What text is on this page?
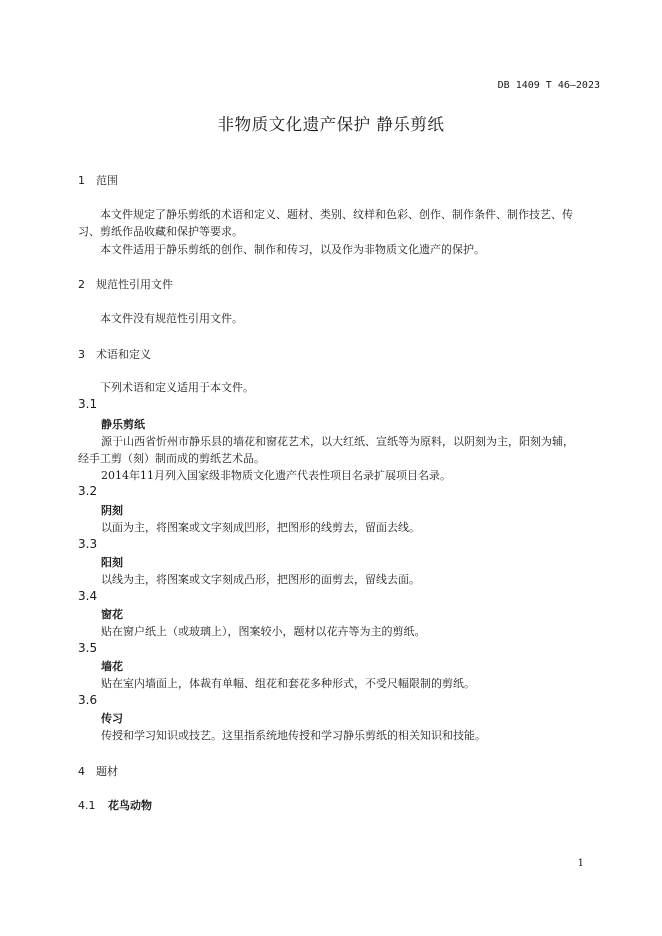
DB 1409 T 46—2023
非物质文化遗产保护 静乐剪纸
1 范围
本文件规定了静乐剪纸的术语和定义、题材、类别、纹样和色彩、创作、制作条件、制作技艺、传
习、剪纸作品收藏和保护等要求。
本文件适用于静乐剪纸的创作、制作和传习，以及作为非物质文化遗产的保护。
2 规范性引用文件
本文件没有规范性引用文件。
3 术语和定义
下列术语和定义适用于本文件。
3.1
静乐剪纸
源于山西省忻州市静乐县的墙花和窗花艺术，以大红纸、宣纸等为原料，以阴刻为主，阳刻为辅，
经手工剪（刻）制而成的剪纸艺术品。
2014年11月列入国家级非物质文化遗产代表性项目名录扩展项目名录。
3.2
阴刻
以面为主，将图案或文字刻成凹形，把图形的线剪去，留面去线。
3.3
阳刻
以线为主，将图案或文字刻成凸形，把图形的面剪去，留线去面。
3.4
窗花
贴在窗户纸上（或玻璃上），图案较小，题材以花卉等为主的剪纸。
3.5
墙花
贴在室内墙面上，体裁有单幅、组花和套花多种形式，不受尺幅限制的剪纸。
3.6
传习
传授和学习知识或技艺。这里指系统地传授和学习静乐剪纸的相关知识和技能。
4 题材
4.1 花鸟动物
1
